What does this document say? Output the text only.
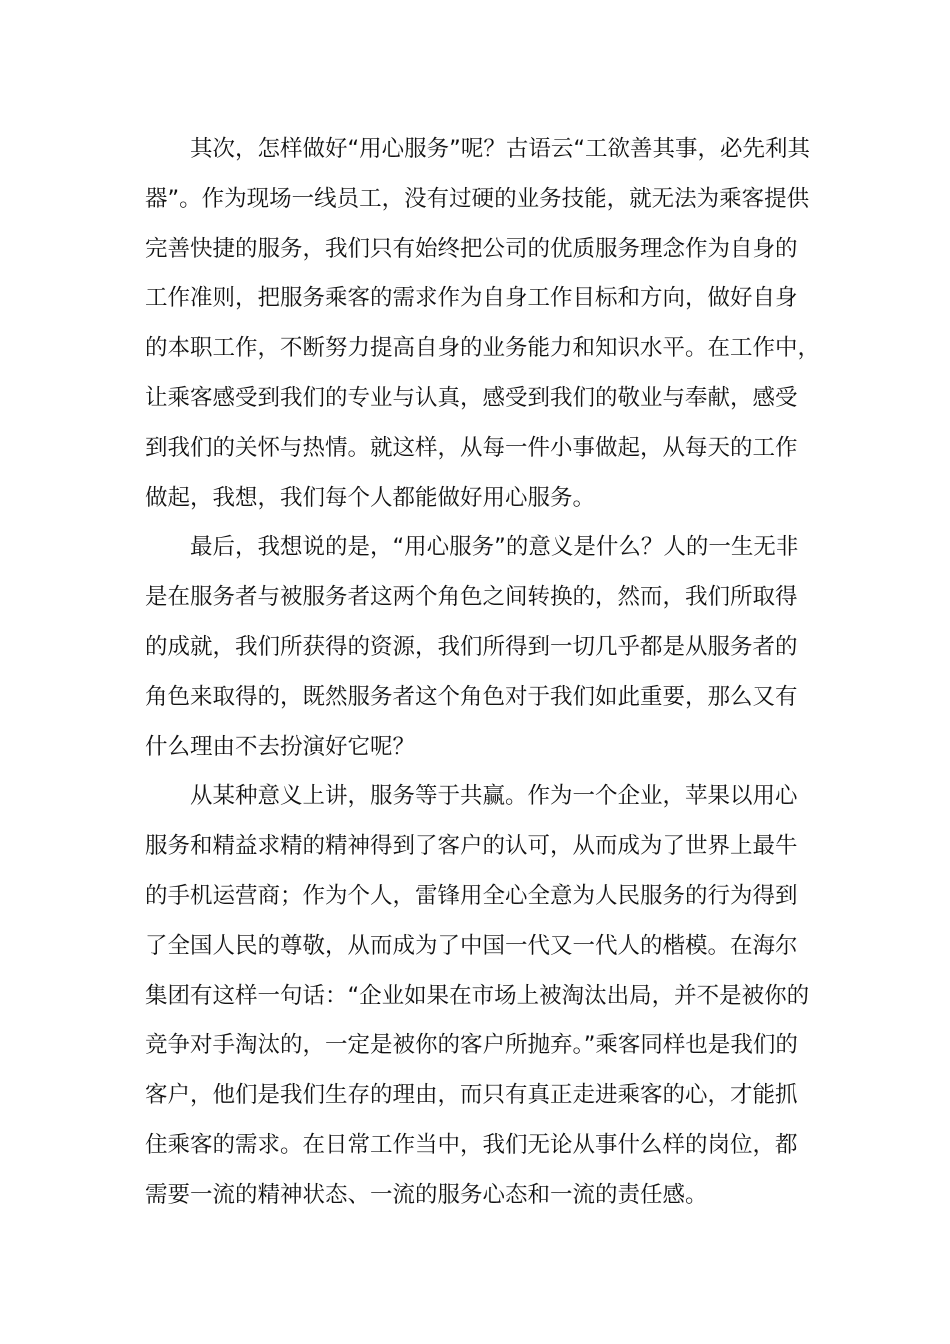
其次，怎样做好“用心服务”呢？古语云“工欲善其事，必先利其
器”。作为现场一线员工，没有过硬的业务技能，就无法为乘客提供
完善快捷的服务，我们只有始终把公司的优质服务理念作为自身的
工作准则，把服务乘客的需求作为自身工作目标和方向，做好自身
的本职工作，不断努力提高自身的业务能力和知识水平。在工作中，
让乘客感受到我们的专业与认真，感受到我们的敬业与奉献，感受
到我们的关怀与热情。就这样，从每一件小事做起，从每天的工作
做起，我想，我们每个人都能做好用心服务。
最后，我想说的是，“用心服务”的意义是什么？人的一生无非
是在服务者与被服务者这两个角色之间转换的，然而，我们所取得
的成就，我们所获得的资源，我们所得到一切几乎都是从服务者的
角色来取得的，既然服务者这个角色对于我们如此重要，那么又有
什么理由不去扮演好它呢？
从某种意义上讲，服务等于共赢。作为一个企业，苹果以用心
服务和精益求精的精神得到了客户的认可，从而成为了世界上最牛
的手机运营商；作为个人，雷锋用全心全意为人民服务的行为得到
了全国人民的尊敬，从而成为了中国一代又一代人的楷模。在海尔
集团有这样一句话：“企业如果在市场上被淘汰出局，并不是被你的
竞争对手淘汰的，一定是被你的客户所抛弃。”乘客同样也是我们的
客户，他们是我们生存的理由，而只有真正走进乘客的心，才能抓
住乘客的需求。在日常工作当中，我们无论从事什么样的岗位，都
需要一流的精神状态、一流的服务心态和一流的责任感。
